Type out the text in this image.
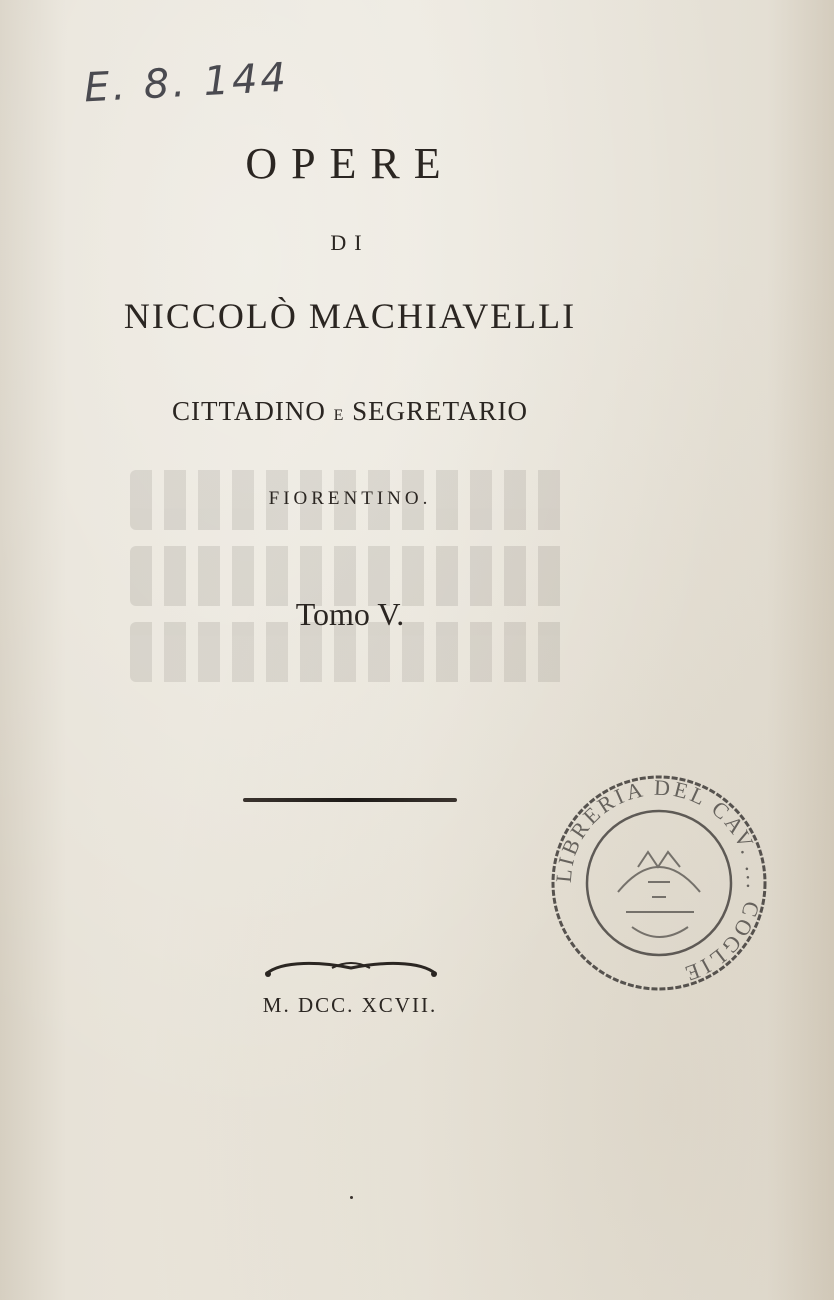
E. 8. 144
OPERE
DI
NICCOLÒ MACHIAVELLI
CITTADINO E SEGRETARIO
FIORENTINO.
Tomo V.
M. DCC. XCVII.
LIBRERIA DEL CAV. ... COGLIE
